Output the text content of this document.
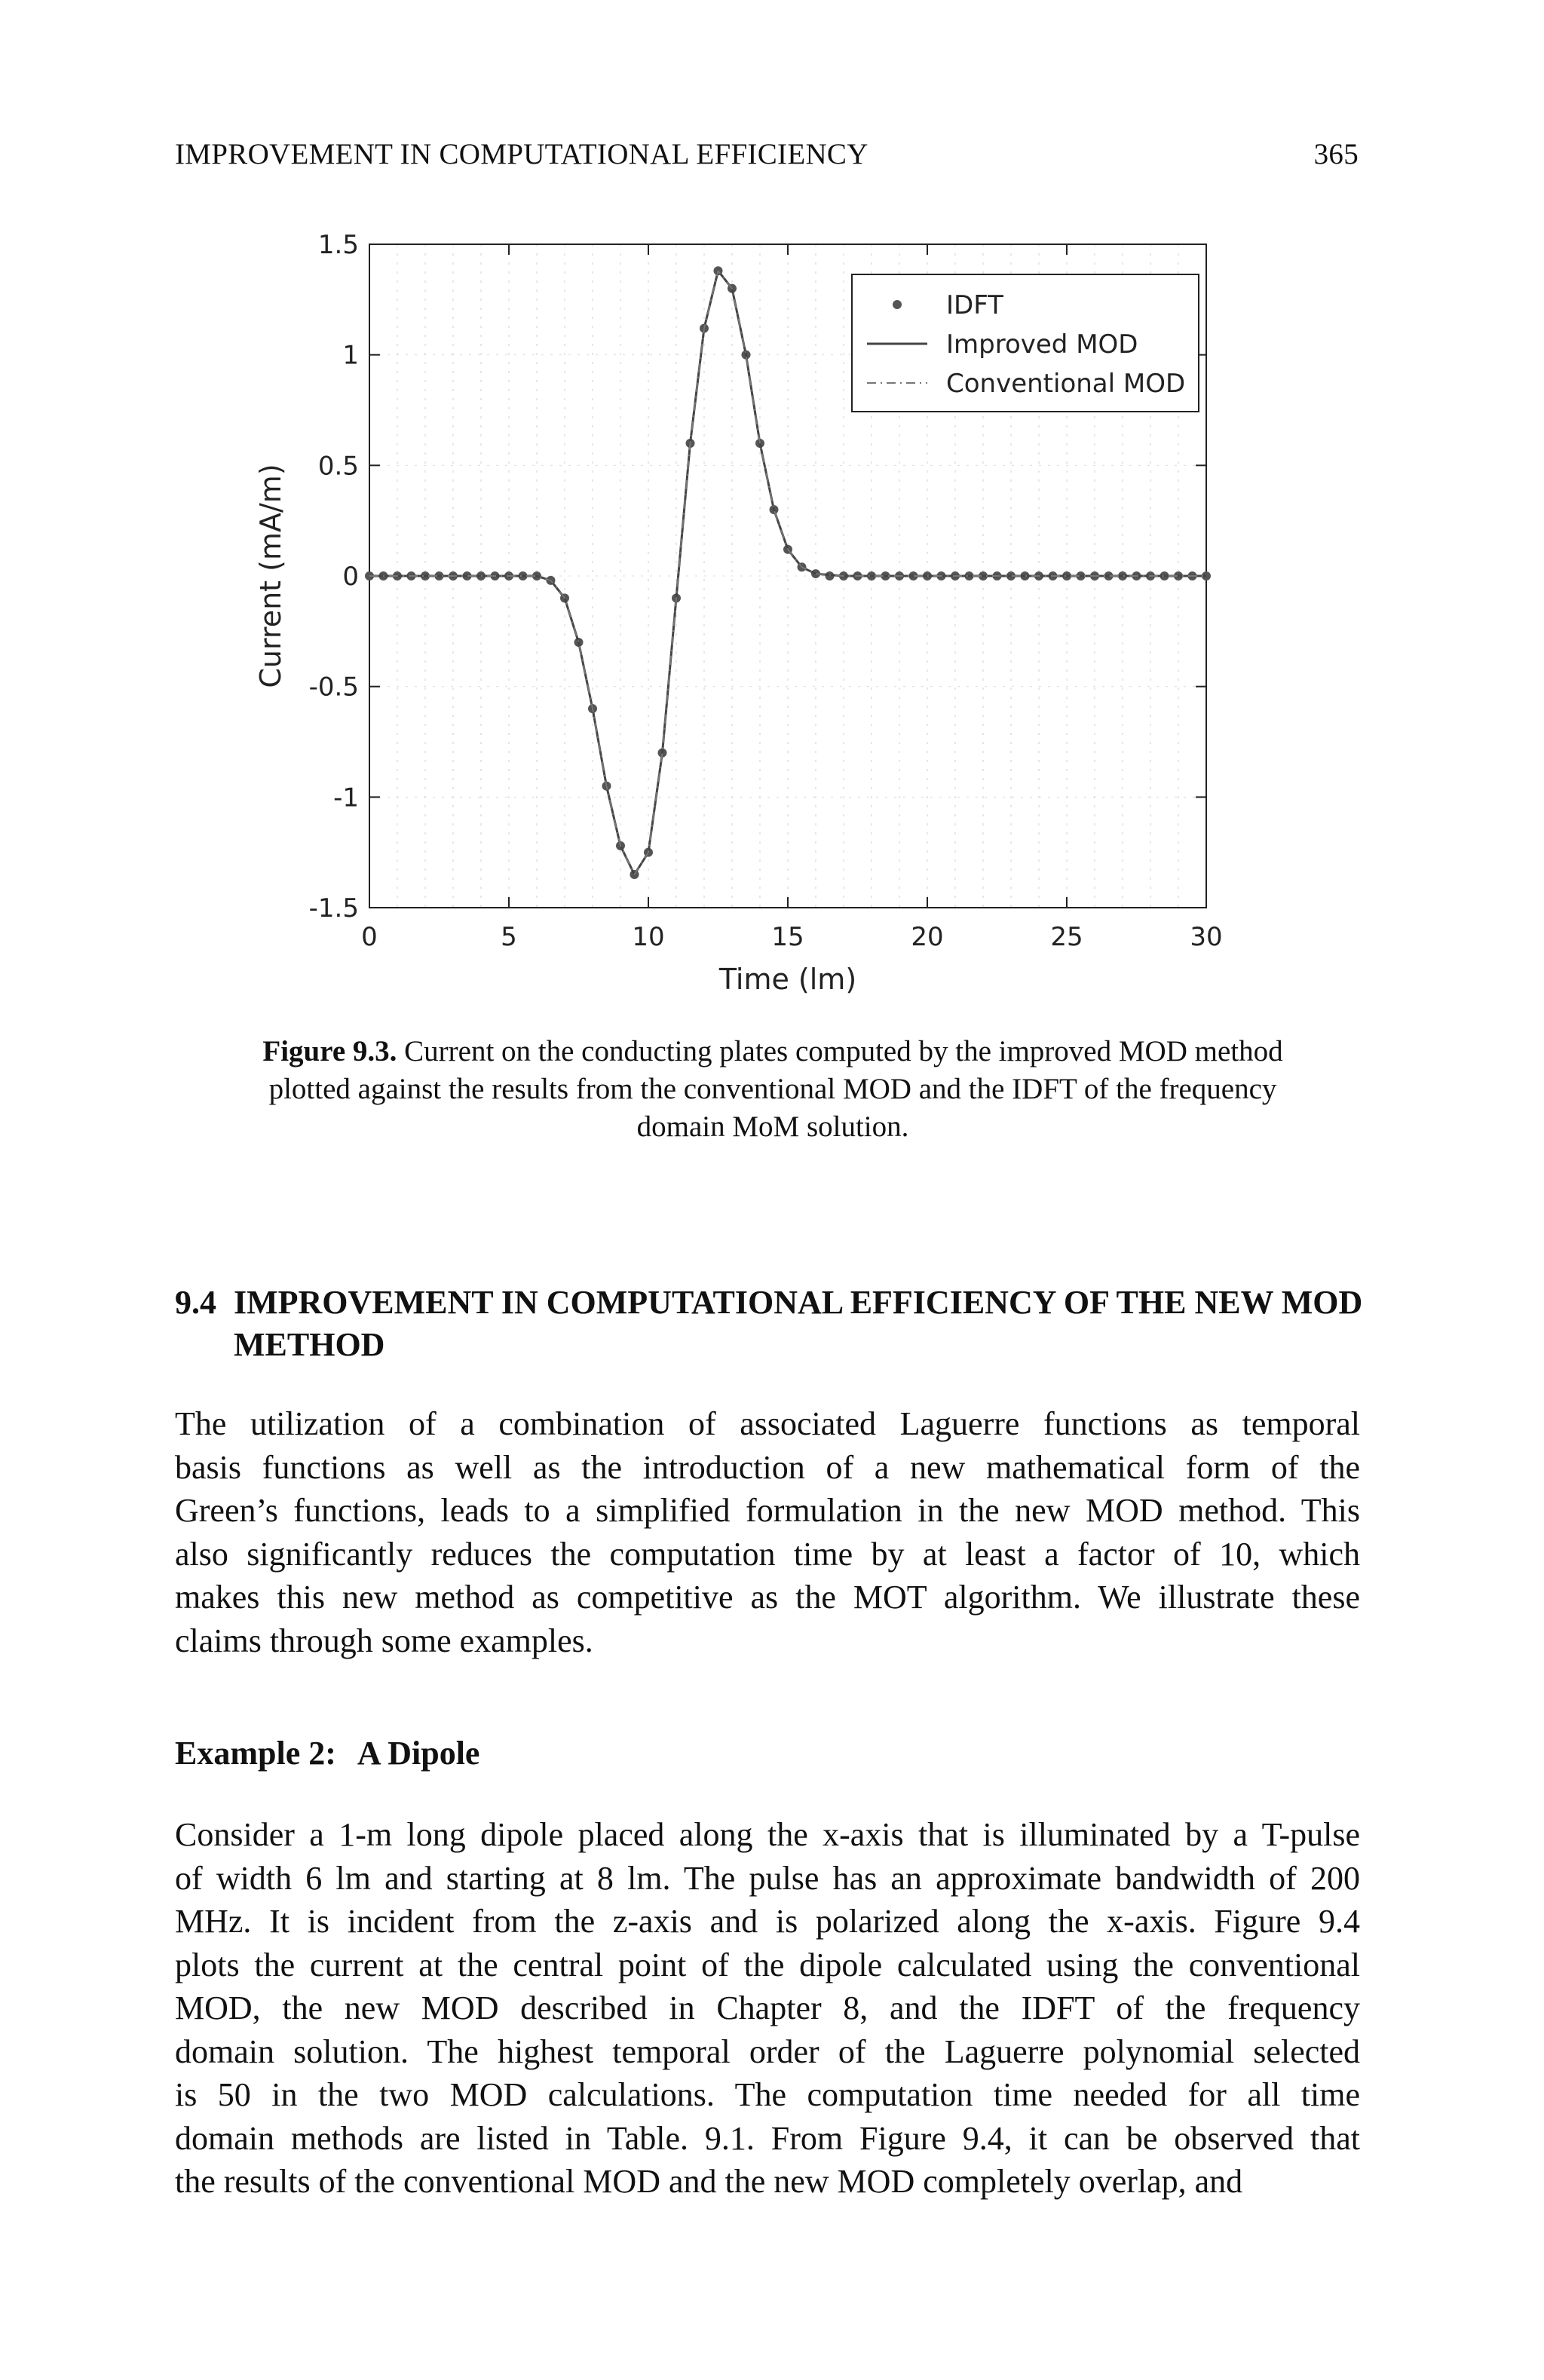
IMPROVEMENT IN COMPUTATIONAL EFFICIENCY	365
0	5	10	15	20	25	30
1.5
1
0.5
0
-0.5
-1
-1.5
IDFT
Improved MOD
Conventional MOD
Time (lm)
Current (mA/m)
Figure 9.3. Current on the conducting plates computed by the improved MOD method plotted against the results from the conventional MOD and the IDFT of the frequency domain MoM solution.
9.4 IMPROVEMENT IN COMPUTATIONAL EFFICIENCY OF THE NEW MOD METHOD
The utilization of a combination of associated Laguerre functions as temporal
basis functions as well as the introduction of a new mathematical form of the
Green’s functions, leads to a simplified formulation in the new MOD method. This
also significantly reduces the computation time by at least a factor of 10, which
makes this new method as competitive as the MOT algorithm. We illustrate these
claims through some examples.
Example 2: A Dipole
Consider a 1-m long dipole placed along the x-axis that is illuminated by a T-pulse
of width 6 lm and starting at 8 lm. The pulse has an approximate bandwidth of 200
MHz. It is incident from the z-axis and is polarized along the x-axis. Figure 9.4
plots the current at the central point of the dipole calculated using the conventional
MOD, the new MOD described in Chapter 8, and the IDFT of the frequency
domain solution. The highest temporal order of the Laguerre polynomial selected
is 50 in the two MOD calculations. The computation time needed for all time
domain methods are listed in Table. 9.1. From Figure 9.4, it can be observed that
the results of the conventional MOD and the new MOD completely overlap, and
